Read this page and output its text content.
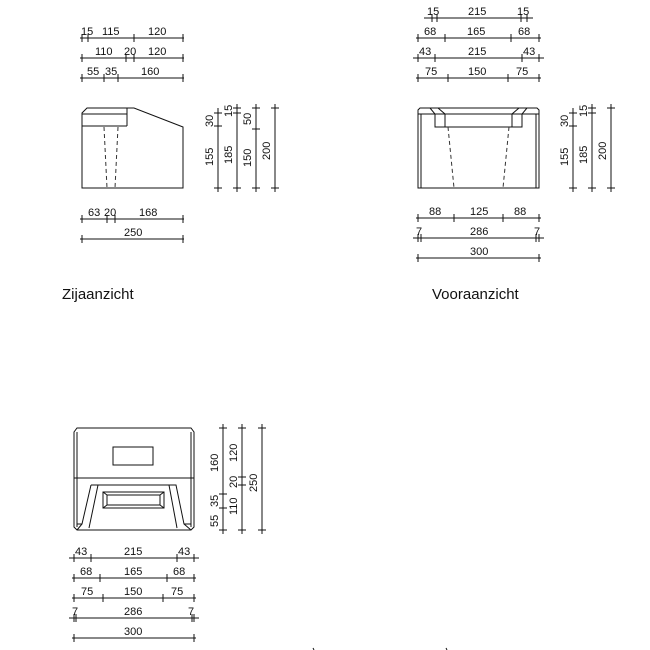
15 115	120
110 20 120
55 35 160
30
155
15
185
50
150 200
63 20 168
250
15	215	15
68	165	68
43	215	43
75	150	75
30
155
15
185 200
88	125 88
7	286	7
300
160
35
55
120
20
110
250
43	215	43
68	165	68
75	150	75
7	286	7
300
Zijaanzicht	Vooraanzicht
